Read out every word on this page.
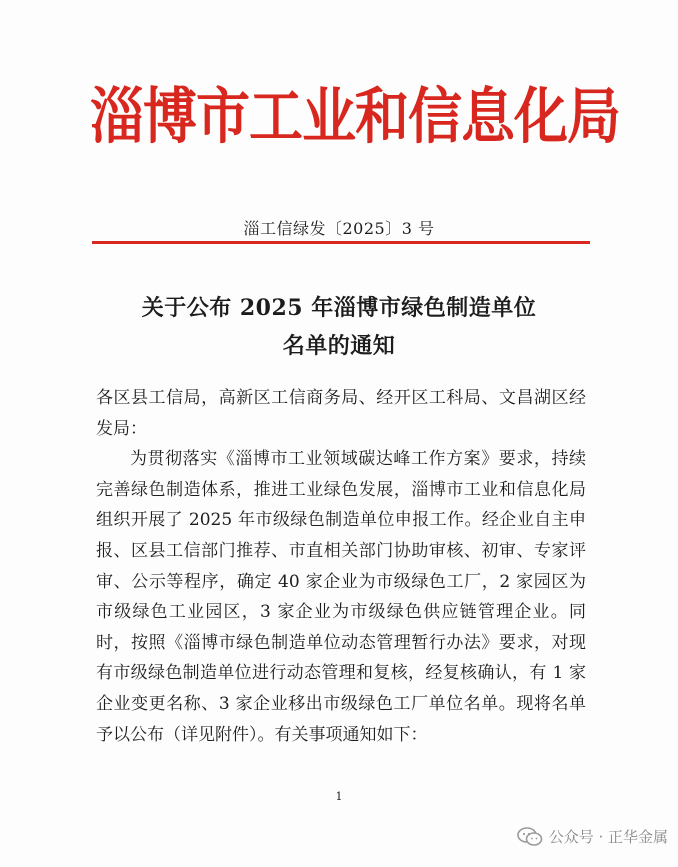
淄博市工业和信息化局
淄工信绿发〔2025〕3 号
关于公布 2025 年淄博市绿色制造单位
名单的通知

各区县工信局，高新区工信商务局、经开区工科局、文昌湖区经发局：

为贯彻落实《淄博市工业领域碳达峰工作方案》要求，持续完善绿色制造体系，推进工业绿色发展，淄博市工业和信息化局组织开展了 2025 年市级绿色制造单位申报工作。经企业自主申报、区县工信部门推荐、市直相关部门协助审核、初审、专家评审、公示等程序，确定 40 家企业为市级绿色工厂，2 家园区为市级绿色工业园区，3 家企业为市级绿色供应链管理企业。同时，按照《淄博市绿色制造单位动态管理暂行办法》要求，对现有市级绿色制造单位进行动态管理和复核，经复核确认，有 1 家企业变更名称、3 家企业移出市级绿色工厂单位名单。现将名单予以公布（详见附件）。有关事项通知如下：

1
公众号 · 正华金属
